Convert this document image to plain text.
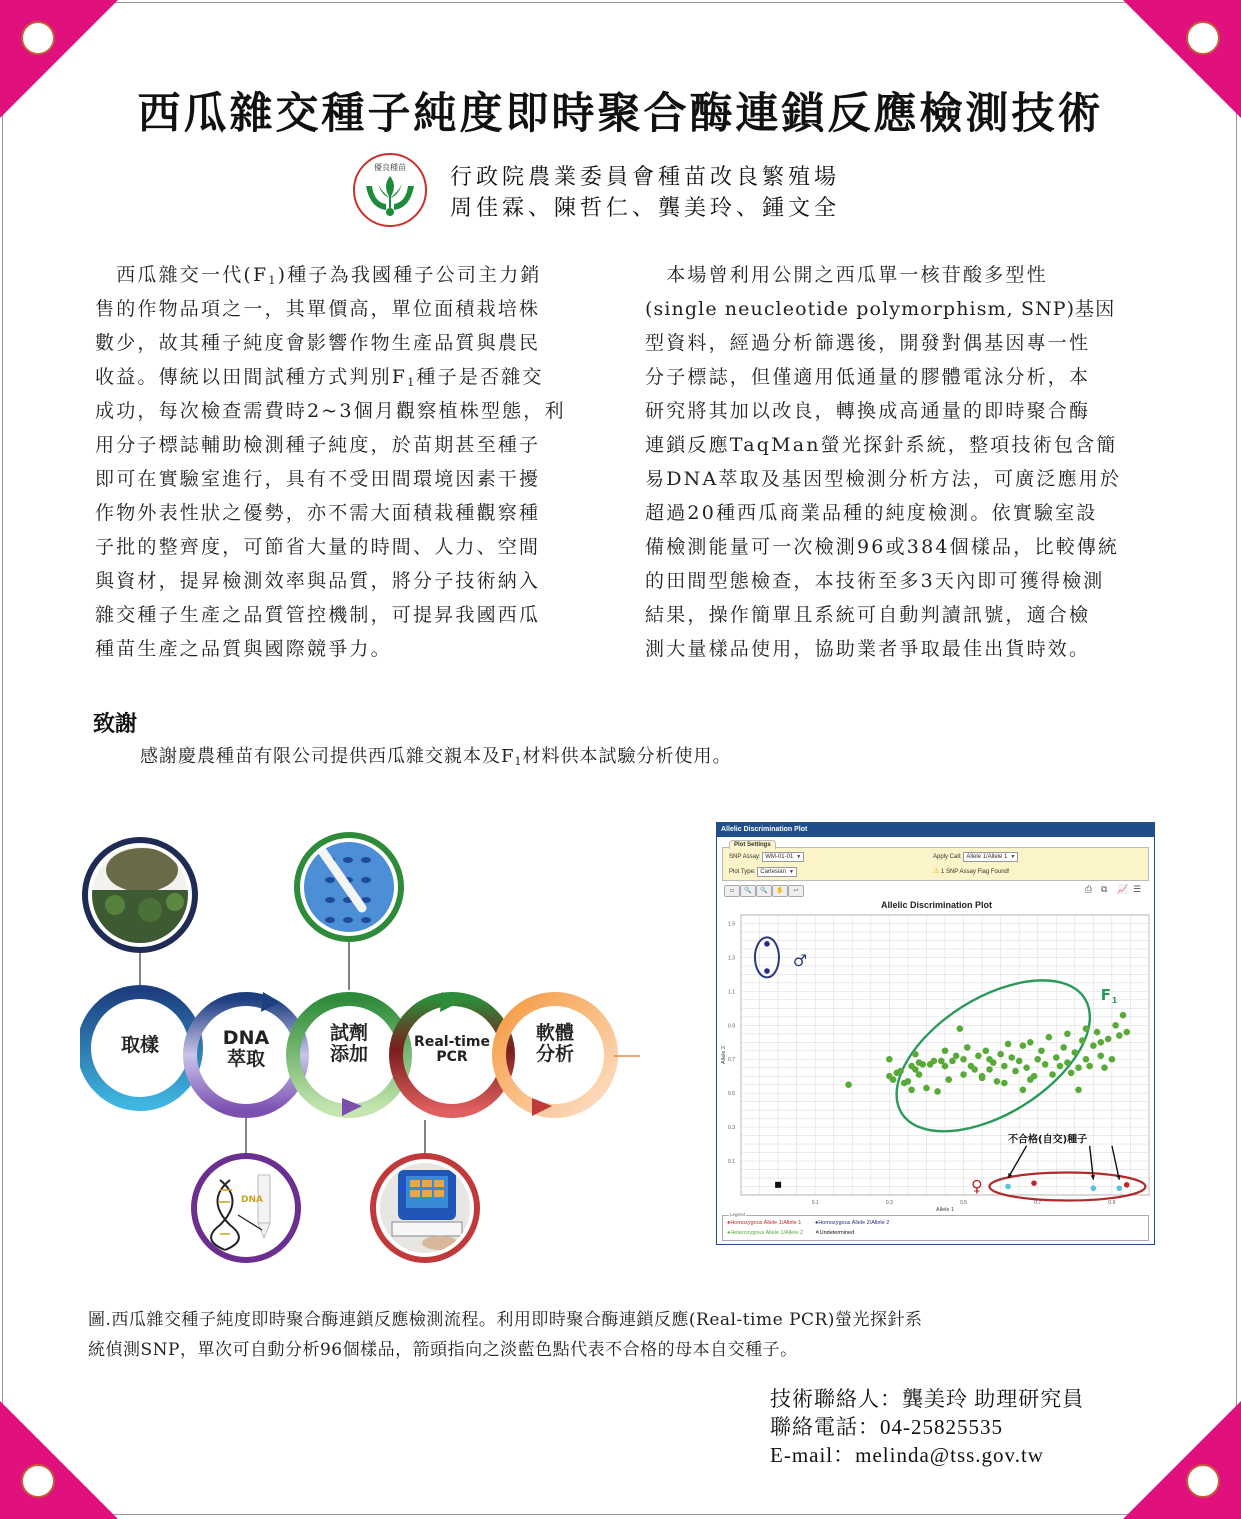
西瓜雜交種子純度即時聚合酶連鎖反應檢測技術
優良種苗 行政院農業委員會種苗改良繁殖場
周佳霖、陳哲仁、龔美玲、鍾文全
　西瓜雜交一代$(F_1)$種子為我國種子公司主力銷
售的作物品項之一，其單價高，單位面積栽培株
數少，故其種子純度會影響作物生產品質與農民
收益。傳統以田間試種方式判別$F_1$種子是否雜交
成功，每次檢查需費時2~3個月觀察植株型態，利
用分子標誌輔助檢測種子純度，於苗期甚至種子
即可在實驗室進行，具有不受田間環境因素干擾
作物外表性狀之優勢，亦不需大面積栽種觀察種
子批的整齊度，可節省大量的時間、人力、空間
與資材，提昇檢測效率與品質，將分子技術納入
雜交種子生產之品質管控機制，可提昇我國西瓜
種苗生產之品質與國際競爭力。
　本場曾利用公開之西瓜單一核苷酸多型性
(single neucleotide polymorphism, SNP)基因
型資料，經過分析篩選後，開發對偶基因專一性
分子標誌，但僅適用低通量的膠體電泳分析，本
研究將其加以改良，轉換成高通量的即時聚合酶
連鎖反應TaqMan螢光探針系統，整項技術包含簡
易DNA萃取及基因型檢測分析方法，可廣泛應用於
超過20種西瓜商業品種的純度檢測。依實驗室設
備檢測能量可一次檢測96或384個樣品，比較傳統
的田間型態檢查，本技術至多3天內即可獲得檢測
結果，操作簡單且系統可自動判讀訊號，適合檢
測大量樣品使用，協助業者爭取最佳出貨時效。
致謝
感謝慶農種苗有限公司提供西瓜雜交親本及$F_1$材料供本試驗分析使用。
DNA
取樣	DNA
萃取
試劑
添加
Real-time
PCR
軟體
分析
Allelic Discrimination Plot
Plot Settings
SNP Assay: WM-01-01 ▼
Plot Type: Cartesian ▼
Apply Call: Allele 1/Allele 1 ▼
⚠ 1 SNP Assay Flag Found!
▫	🔍	🔍	✋	↩	⎙ ⧉ 📈 ☰
Allelic Discrimination Plot
0.1	0.3	0.5	0.7	0.9
0.1
0.3
0.5
0.7
0.9
1.1
1.3
1.5
Allele 1
Allele 2
F 1
♂
♀
不合格(自交)種子
Legend
●Homozygous Allele 1/Allele 1 ●Homozygous Allele 2/Allele 2
●Heterozygous Allele 1/Allele 2 ✕Undetermined
圖.西瓜雜交種子純度即時聚合酶連鎖反應檢測流程。利用即時聚合酶連鎖反應(Real-time PCR)螢光探針系
統偵測SNP，單次可自動分析96個樣品，箭頭指向之淡藍色點代表不合格的母本自交種子。
技術聯絡人：龔美玲 助理研究員
聯絡電話：04-25825535
E-mail：melinda@tss.gov.tw
